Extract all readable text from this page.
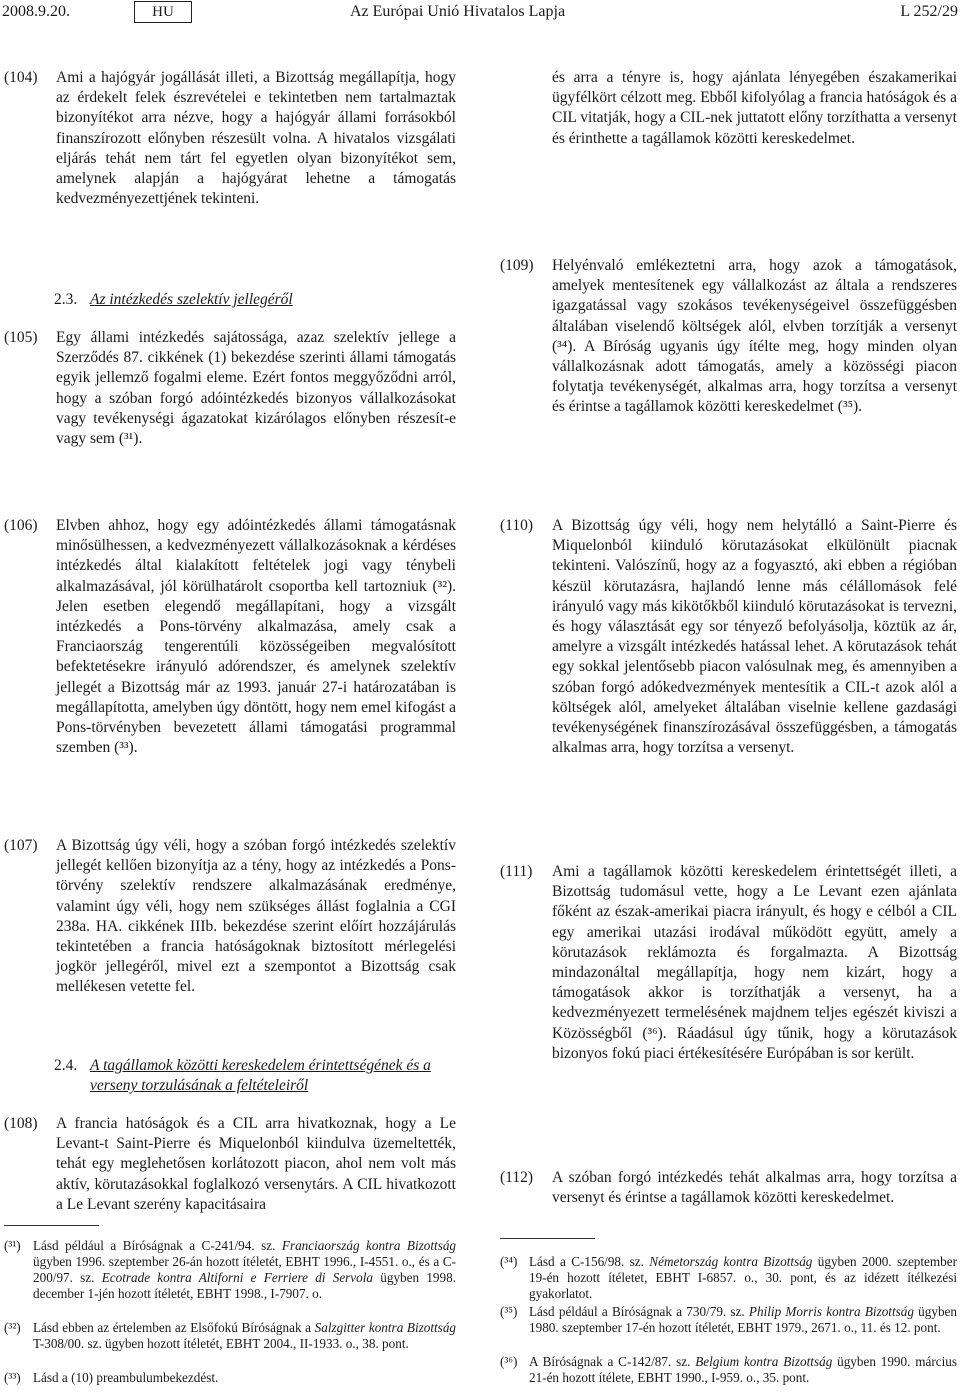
2008.9.20.	HU	Az Európai Unió Hivatalos Lapja	L 252/29
(104) Ami a hajógyár jogállását illeti, a Bizottság megállapítja, hogy az érdekelt felek észrevételei e tekintetben nem tartalmaztak bizonyítékot arra nézve, hogy a hajógyár állami forrásokból finanszírozott előnyben részesült volna. A hivatalos vizsgálati eljárás tehát nem tárt fel egyetlen olyan bizonyítékot sem, amelynek alapján a hajógyárat lehetne a támogatás kedvezményezettjének tekinteni.
2.3. Az intézkedés szelektív jellegéről
(105) Egy állami intézkedés sajátossága, azaz szelektív jellege a Szerződés 87. cikkének (1) bekezdése szerinti állami támogatás egyik jellemző fogalmi eleme. Ezért fontos meggyőződni arról, hogy a szóban forgó adóintézkedés bizonyos vállalkozásokat vagy tevékenységi ágazatokat kizárólagos előnyben részesít-e vagy sem (³¹).
(106) Elvben ahhoz, hogy egy adóintézkedés állami támogatásnak minősülhessen, a kedvezményezett vállalkozásoknak a kérdéses intézkedés által kialakított feltételek jogi vagy ténybeli alkalmazásával, jól körülhatárolt csoportba kell tartozniuk (³²). Jelen esetben elegendő megállapítani, hogy a vizsgált intézkedés a Pons-törvény alkalmazása, amely csak a Franciaország tengerentúli közösségeiben megvalósított befektetésekre irányuló adórendszer, és amelynek szelektív jellegét a Bizottság már az 1993. január 27-i határozatában is megállapította, amelyben úgy döntött, hogy nem emel kifogást a Pons-törvényben bevezetett állami támogatási programmal szemben (³³).
(107) A Bizottság úgy véli, hogy a szóban forgó intézkedés szelektív jellegét kellően bizonyítja az a tény, hogy az intézkedés a Pons-törvény szelektív rendszere alkalmazásának eredménye, valamint úgy véli, hogy nem szükséges állást foglalnia a CGI 238a. HA. cikkének IIIb. bekezdése szerint előírt hozzájárulás tekintetében a francia hatóságoknak biztosított mérlegelési jogkör jellegéről, mivel ezt a szempontot a Bizottság csak mellékesen vetette fel.
2.4. A tagállamok közötti kereskedelem érintettségének és a verseny torzulásának a feltételeiről
(108) A francia hatóságok és a CIL arra hivatkoznak, hogy a Le Levant-t Saint-Pierre és Miquelonból kiindulva üzemeltették, tehát egy meglehetősen korlátozott piacon, ahol nem volt más aktív, körutazásokkal foglalkozó versenytárs. A CIL hivatkozott a Le Levant szerény kapacitásaira
(³¹) Lásd például a Bíróságnak a C-241/94. sz. Franciaország kontra Bizottság ügyben 1996. szeptember 26-án hozott ítéletét, EBHT 1996., I-4551. o., és a C-200/97. sz. Ecotrade kontra Altiforni e Ferriere di Servola ügyben 1998. december 1-jén hozott ítéletét, EBHT 1998., I-7907. o.
(³²) Lásd ebben az értelemben az Elsőfokú Bíróságnak a Salzgitter kontra Bizottság T-308/00. sz. ügyben hozott ítéletét, EBHT 2004., II-1933. o., 38. pont.
(³³) Lásd a (10) preambulumbekezdést.
és arra a tényre is, hogy ajánlata lényegében északamerikai ügyfélkört célzott meg. Ebből kifolyólag a francia hatóságok és a CIL vitatják, hogy a CIL-nek juttatott előny torzíthatta a versenyt és érinthette a tagállamok közötti kereskedelmet.
(109) Helyénvaló emlékeztetni arra, hogy azok a támogatások, amelyek mentesítenek egy vállalkozást az általa a rendszeres igazgatással vagy szokásos tevékenységeivel összefüggésben általában viselendő költségek alól, elvben torzítják a versenyt (³⁴). A Bíróság ugyanis úgy ítélte meg, hogy minden olyan vállalkozásnak adott támogatás, amely a közösségi piacon folytatja tevékenységét, alkalmas arra, hogy torzítsa a versenyt és érintse a tagállamok közötti kereskedelmet (³⁵).
(110) A Bizottság úgy véli, hogy nem helytálló a Saint-Pierre és Miquelonból kiinduló körutazásokat elkülönült piacnak tekinteni. Valószínű, hogy az a fogyasztó, aki ebben a régióban készül körutazásra, hajlandó lenne más célállomások felé irányuló vagy más kikötőkből kiinduló körutazásokat is tervezni, és hogy választását egy sor tényező befolyásolja, köztük az ár, amelyre a vizsgált intézkedés hatással lehet. A körutazások tehát egy sokkal jelentősebb piacon valósulnak meg, és amennyiben a szóban forgó adókedvezmények mentesítik a CIL-t azok alól a költségek alól, amelyeket általában viselnie kellene gazdasági tevékenységének finanszírozásával összefüggésben, a támogatás alkalmas arra, hogy torzítsa a versenyt.
(111) Ami a tagállamok közötti kereskedelem érintettségét illeti, a Bizottság tudomásul vette, hogy a Le Levant ezen ajánlata főként az észak-amerikai piacra irányult, és hogy e célból a CIL egy amerikai utazási irodával működött együtt, amely a körutazások reklámozta és forgalmazta. A Bizottság mindazonáltal megállapítja, hogy nem kizárt, hogy a támogatások akkor is torzíthatják a versenyt, ha a kedvezményezett termelésének majdnem teljes egészét kiviszi a Közösségből (³⁶). Ráadásul úgy tűnik, hogy a körutazások bizonyos fokú piaci értékesítésére Európában is sor került.
(112) A szóban forgó intézkedés tehát alkalmas arra, hogy torzítsa a versenyt és érintse a tagállamok közötti kereskedelmet.
(³⁴) Lásd a C-156/98. sz. Németország kontra Bizottság ügyben 2000. szeptember 19-én hozott ítéletet, EBHT I-6857. o., 30. pont, és az idézett ítélkezési gyakorlatot.
(³⁵) Lásd például a Bíróságnak a 730/79. sz. Philip Morris kontra Bizottság ügyben 1980. szeptember 17-én hozott ítéletét, EBHT 1979., 2671. o., 11. és 12. pont.
(³⁶) A Bíróságnak a C-142/87. sz. Belgium kontra Bizottság ügyben 1990. március 21-én hozott ítélete, EBHT 1990., I-959. o., 35. pont.
